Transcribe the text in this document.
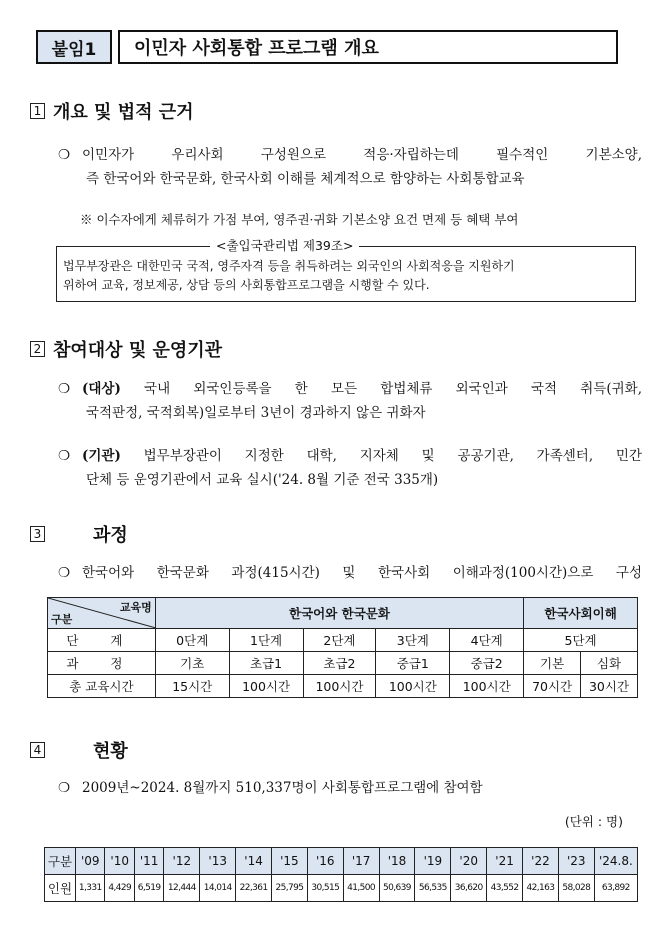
붙임1	이민자 사회통합 프로그램 개요
1 개요 및 법적 근거
❍ 이민자가 우리사회 구성원으로 적응·자립하는데 필수적인 기본소양,
즉 한국어와 한국문화, 한국사회 이해를 체계적으로 함양하는 사회통합교육
※ 이수자에게 체류허가 가점 부여, 영주권·귀화 기본소양 요건 면제 등 혜택 부여
법무부장관은 대한민국 국적, 영주자격 등을 취득하려는 외국인의 사회적응을 지원하기
위하여 교육, 정보제공, 상담 등의 사회통합프로그램을 시행할 수 있다.
<출입국관리법 제39조>
2 참여대상 및 운영기관
❍ (대상) 국내 외국인등록을 한 모든 합법체류 외국인과 국적 취득(귀화,
국적판정, 국적회복)일로부터 3년이 경과하지 않은 귀화자
❍ (기관) 법무부장관이 지정한 대학, 지자체 및 공공기관, 가족센터, 민간
단체 등 운영기관에서 교육 실시('24. 8월 기준 전국 335개)
3	과정
❍ 한국어와 한국문화 과정(415시간) 및 한국사회 이해과정(100시간)으로 구성
교육명
구분	한국어와 한국문화					한국사회이해	
단 계	0단계	1단계	2단계	3단계	4단계	5단계	
과 정	기초	초급1	초급2	중급1	중급2	기본	심화
총 교육시간	15시간	100시간	100시간	100시간	100시간	70시간	30시간
4	현황
❍ 2009년~2024. 8월까지 510,337명이 사회통합프로그램에 참여함
(단위 : 명)
구분	'09	'10	'11	'12	'13	'14	'15	'16	'17	'18	'19	'20	'21	'22	'23	'24.8.
인원	1,331	4,429	6,519	12,444	14,014	22,361	25,795	30,515	41,500	50,639	56,535	36,620	43,552	42,163	58,028	63,892
